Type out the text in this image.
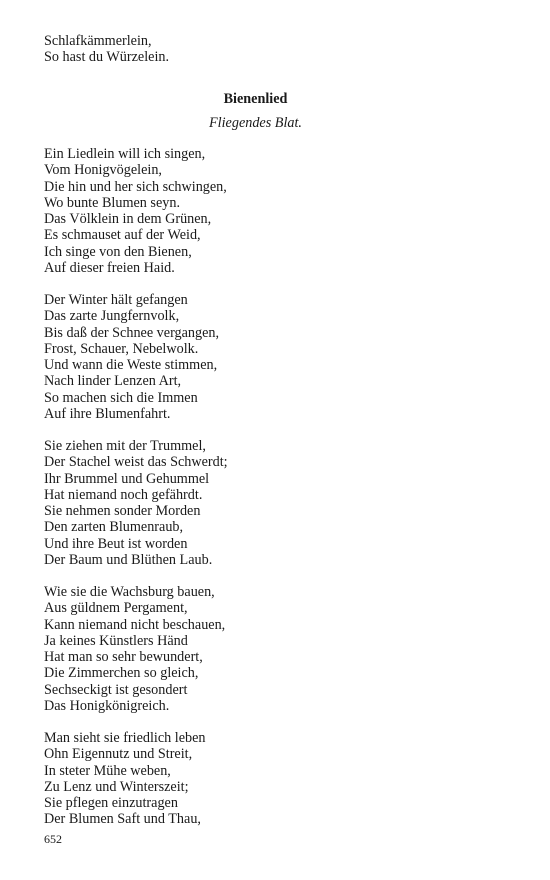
Schlafkämmerlein,
So hast du Würzelein.
Bienenlied
Fliegendes Blat.
Ein Liedlein will ich singen,
Vom Honigvögelein,
Die hin und her sich schwingen,
Wo bunte Blumen seyn.
Das Völklein in dem Grünen,
Es schmauset auf der Weid,
Ich singe von den Bienen,
Auf dieser freien Haid.
Der Winter hält gefangen
Das zarte Jungfernvolk,
Bis daß der Schnee vergangen,
Frost, Schauer, Nebelwolk.
Und wann die Weste stimmen,
Nach linder Lenzen Art,
So machen sich die Immen
Auf ihre Blumenfahrt.
Sie ziehen mit der Trummel,
Der Stachel weist das Schwerdt;
Ihr Brummel und Gehummel
Hat niemand noch gefährdt.
Sie nehmen sonder Morden
Den zarten Blumenraub,
Und ihre Beut ist worden
Der Baum und Blüthen Laub.
Wie sie die Wachsburg bauen,
Aus güldnem Pergament,
Kann niemand nicht beschauen,
Ja keines Künstlers Händ
Hat man so sehr bewundert,
Die Zimmerchen so gleich,
Sechseckigt ist gesondert
Das Honigkönigreich.
Man sieht sie friedlich leben
Ohn Eigennutz und Streit,
In steter Mühe weben,
Zu Lenz und Winterszeit;
Sie pflegen einzutragen
Der Blumen Saft und Thau,
652
